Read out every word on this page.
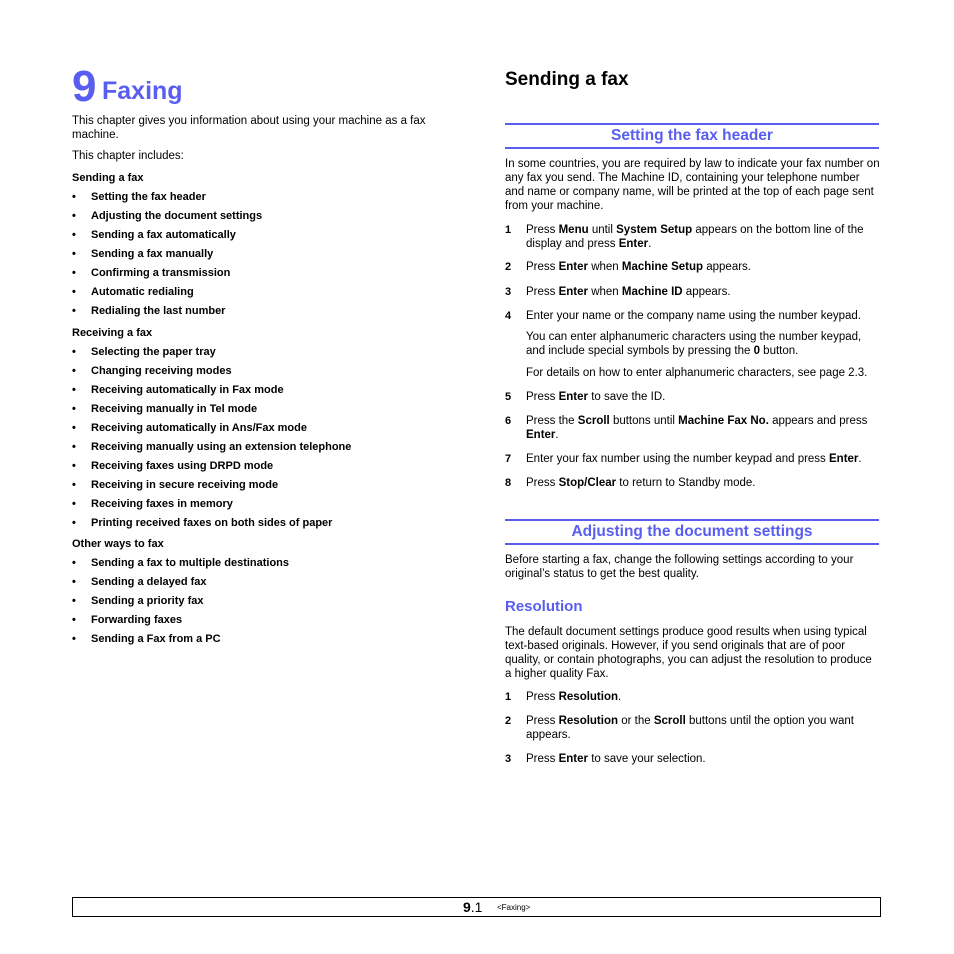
9 Faxing
This chapter gives you information about using your machine as a fax machine.
This chapter includes:
Sending a fax
• Setting the fax header
• Adjusting the document settings
• Sending a fax automatically
• Sending a fax manually
• Confirming a transmission
• Automatic redialing
• Redialing the last number
Receiving a fax
• Selecting the paper tray
• Changing receiving modes
• Receiving automatically in Fax mode
• Receiving manually in Tel mode
• Receiving automatically in Ans/Fax mode
• Receiving manually using an extension telephone
• Receiving faxes using DRPD mode
• Receiving in secure receiving mode
• Receiving faxes in memory
• Printing received faxes on both sides of paper
Other ways to fax
• Sending a fax to multiple destinations
• Sending a delayed fax
• Sending a priority fax
• Forwarding faxes
• Sending a Fax from a PC
Sending a fax
Setting the fax header
In some countries, you are required by law to indicate your fax number on any fax you send. The Machine ID, containing your telephone number and name or company name, will be printed at the top of each page sent from your machine.
1 Press Menu until System Setup appears on the bottom line of the display and press Enter.
2 Press Enter when Machine Setup appears.
3 Press Enter when Machine ID appears.
4 Enter your name or the company name using the number keypad.
5 Press Enter to save the ID.
6 Press the Scroll buttons until Machine Fax No. appears and press Enter.
7 Enter your fax number using the number keypad and press Enter.
8 Press Stop/Clear to return to Standby mode.
You can enter alphanumeric characters using the number keypad, and include special symbols by pressing the 0 button.
For details on how to enter alphanumeric characters, see page 2.3.
Adjusting the document settings
Before starting a fax, change the following settings according to your original’s status to get the best quality.
Resolution
The default document settings produce good results when using typical text-based originals. However, if you send originals that are of poor quality, or contain photographs, you can adjust the resolution to produce a higher quality Fax.
1 Press Resolution.
2 Press Resolution or the Scroll buttons until the option you want appears.
3 Press Enter to save your selection.
9.1 <Faxing>
